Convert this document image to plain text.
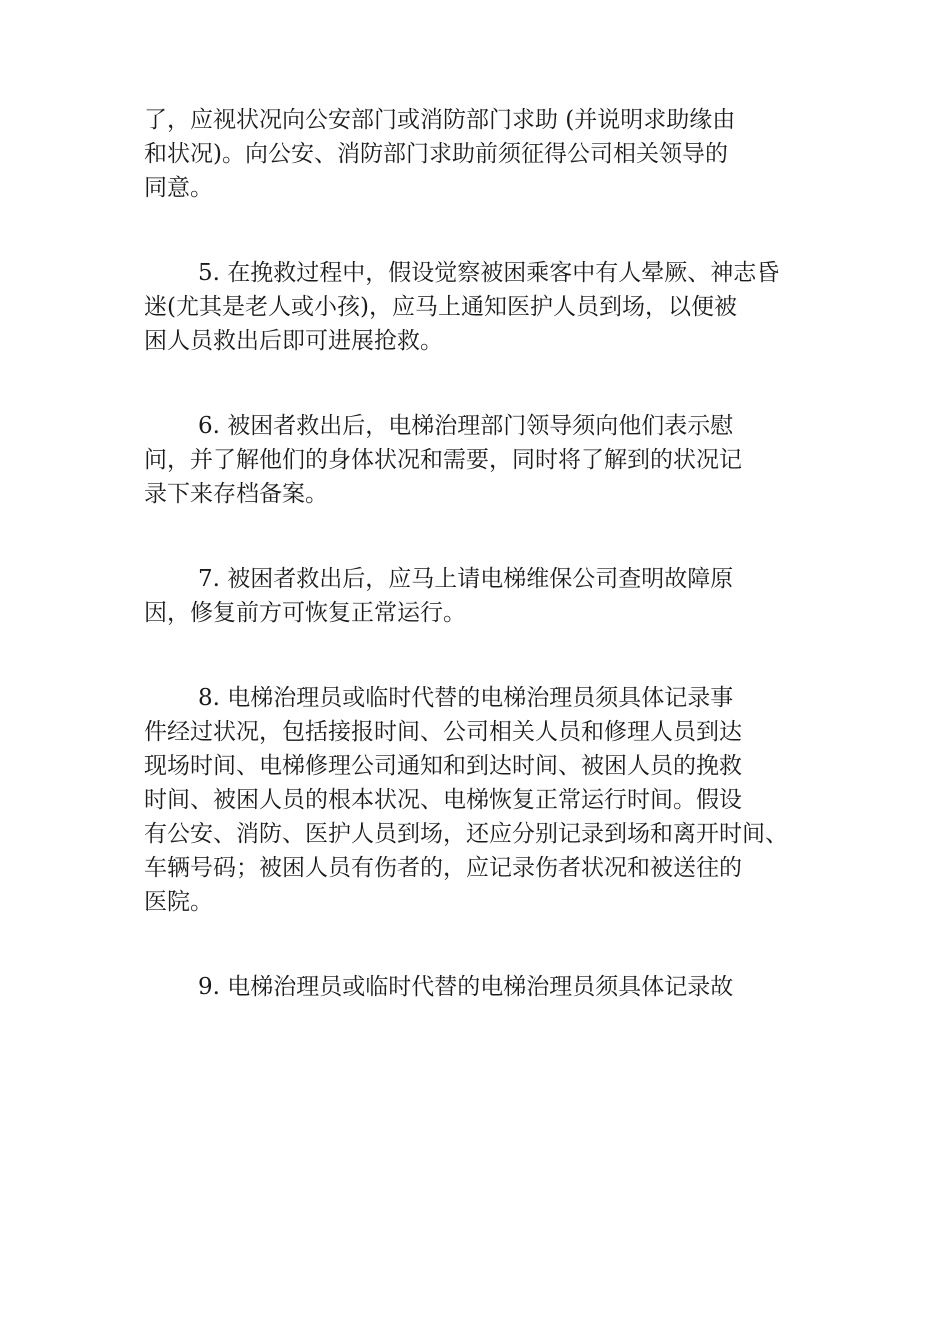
了，应视状况向公安部门或消防部门求助 (并说明求助缘由
和状况)。向公安、消防部门求助前须征得公司相关领导的
同意。

5. 在挽救过程中，假设觉察被困乘客中有人晕厥、神志昏
迷(尤其是老人或小孩)，应马上通知医护人员到场，以便被
困人员救出后即可进展抢救。

6. 被困者救出后，电梯治理部门领导须向他们表示慰
问，并了解他们的身体状况和需要，同时将了解到的状况记
录下来存档备案。

7. 被困者救出后，应马上请电梯维保公司查明故障原
因，修复前方可恢复正常运行。

8. 电梯治理员或临时代替的电梯治理员须具体记录事
件经过状况，包括接报时间、公司相关人员和修理人员到达
现场时间、电梯修理公司通知和到达时间、被困人员的挽救
时间、被困人员的根本状况、电梯恢复正常运行时间。假设
有公安、消防、医护人员到场，还应分别记录到场和离开时间、
车辆号码；被困人员有伤者的，应记录伤者状况和被送往的
医院。

9. 电梯治理员或临时代替的电梯治理员须具体记录故
